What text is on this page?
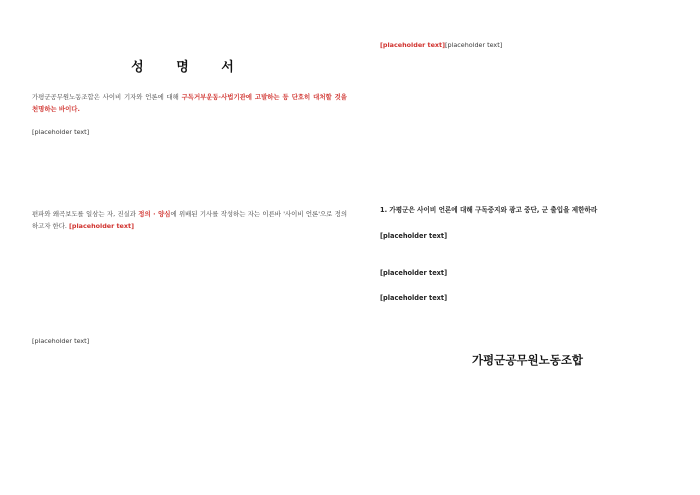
성 명 서
가평군공무원노동조합은 사이비 기자와 언론에 대해 구독거부운동·사법기관에 고발하는 등 단호히 대처할 것을 천명하는 바이다.
[placeholder text]
편파와 왜곡보도를 일삼는 자, 진실과 정의 · 양심에 위배된 기사를 작성하는 자는 이른바 '사이비 언론'으로 정의하고자 한다. [placeholder text]
[placeholder text]
[placeholder text][placeholder text]
1. 가평군은 사이비 언론에 대해 구독중지와 광고 중단, 군 출입을 제한하라
[placeholder text]
[placeholder text]
[placeholder text]
가평군공무원노동조합
